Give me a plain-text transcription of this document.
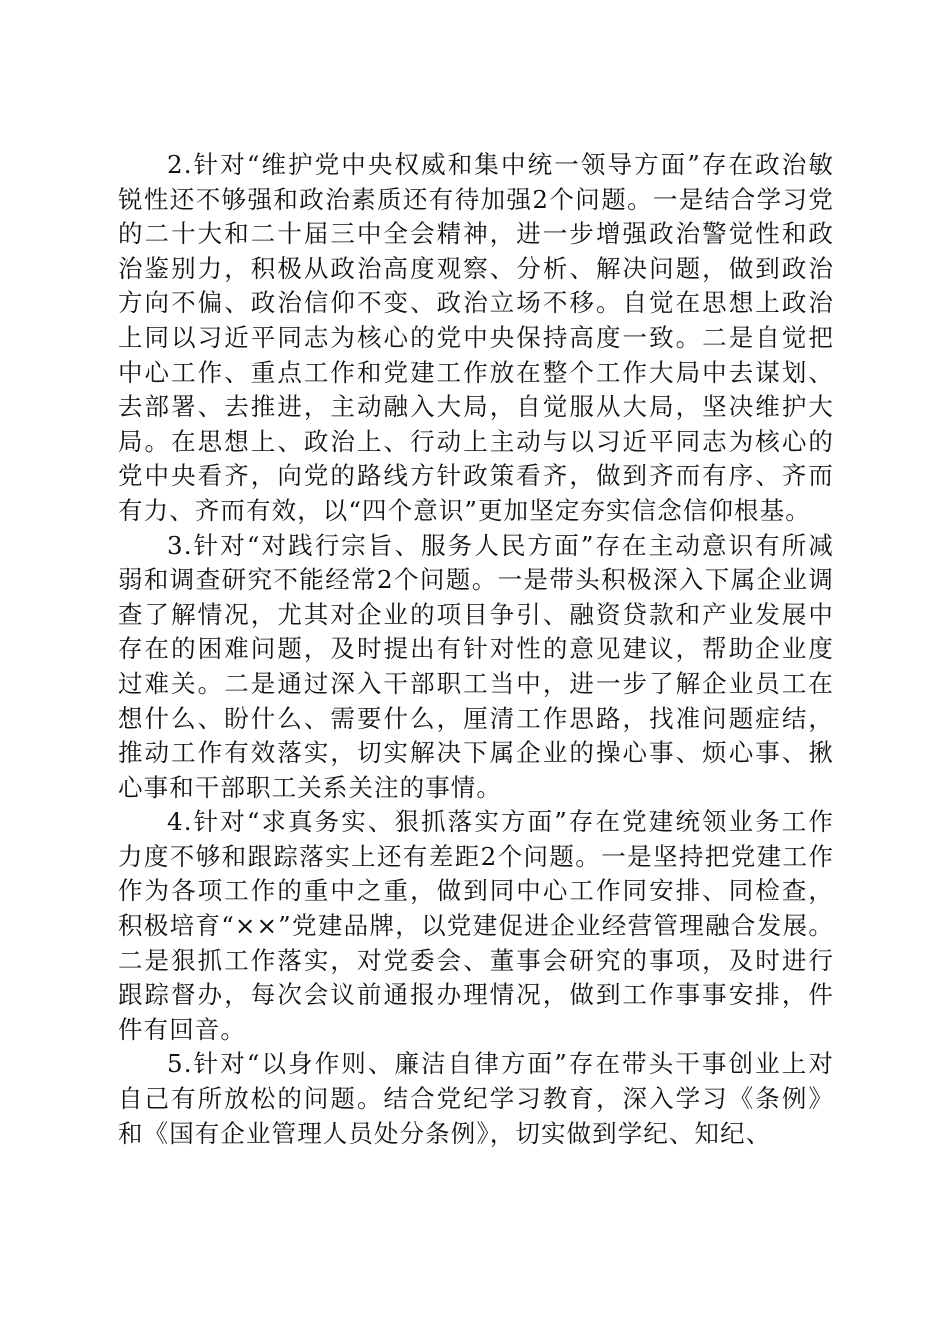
2.针对“维护党中央权威和集中统一领导方面”存在政治敏锐性还不够强和政治素质还有待加强2个问题。一是结合学习党的二十大和二十届三中全会精神，进一步增强政治警觉性和政治鉴别力，积极从政治高度观察、分析、解决问题，做到政治方向不偏、政治信仰不变、政治立场不移。自觉在思想上政治上同以习近平同志为核心的党中央保持高度一致。二是自觉把中心工作、重点工作和党建工作放在整个工作大局中去谋划、去部署、去推进，主动融入大局，自觉服从大局，坚决维护大局。在思想上、政治上、行动上主动与以习近平同志为核心的党中央看齐，向党的路线方针政策看齐，做到齐而有序、齐而有力、齐而有效，以“四个意识”更加坚定夯实信念信仰根基。

3.针对“对践行宗旨、服务人民方面”存在主动意识有所减弱和调查研究不能经常2个问题。一是带头积极深入下属企业调查了解情况，尤其对企业的项目争引、融资贷款和产业发展中存在的困难问题，及时提出有针对性的意见建议，帮助企业度过难关。二是通过深入干部职工当中，进一步了解企业员工在想什么、盼什么、需要什么，厘清工作思路，找准问题症结，推动工作有效落实，切实解决下属企业的操心事、烦心事、揪心事和干部职工关系关注的事情。

4.针对“求真务实、狠抓落实方面”存在党建统领业务工作力度不够和跟踪落实上还有差距2个问题。一是坚持把党建工作作为各项工作的重中之重，做到同中心工作同安排、同检查，积极培育“××”党建品牌，以党建促进企业经营管理融合发展。二是狠抓工作落实，对党委会、董事会研究的事项，及时进行跟踪督办，每次会议前通报办理情况，做到工作事事安排，件件有回音。

5.针对“以身作则、廉洁自律方面”存在带头干事创业上对自己有所放松的问题。结合党纪学习教育，深入学习《条例》和《国有企业管理人员处分条例》，切实做到学纪、知纪、
